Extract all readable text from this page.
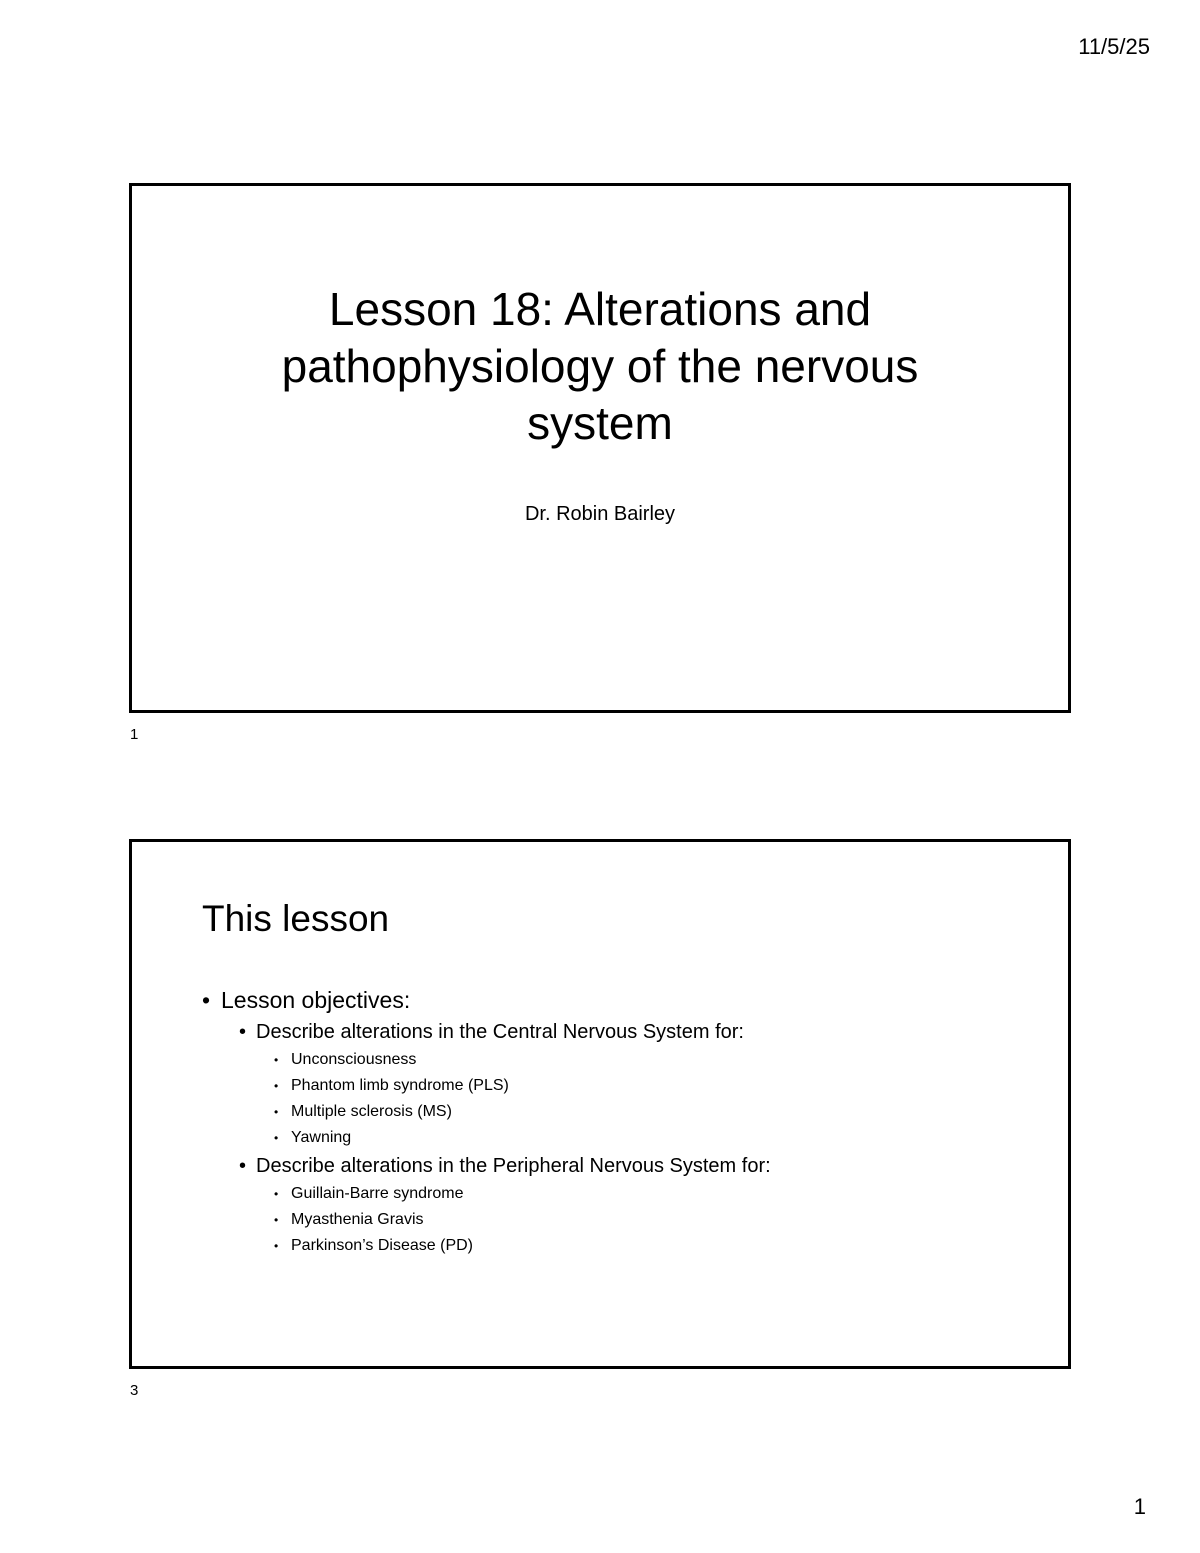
11/5/25
Lesson 18: Alterations and
pathophysiology of the nervous
system

Dr. Robin Bairley

1
This lesson
• Lesson objectives:
• Describe alterations in the Central Nervous System for:
• Unconsciousness
• Phantom limb syndrome (PLS)
• Multiple sclerosis (MS)
• Yawning
• Describe alterations in the Peripheral Nervous System for:
• Guillain-Barre syndrome
• Myasthenia Gravis
• Parkinson’s Disease (PD)
3
1
